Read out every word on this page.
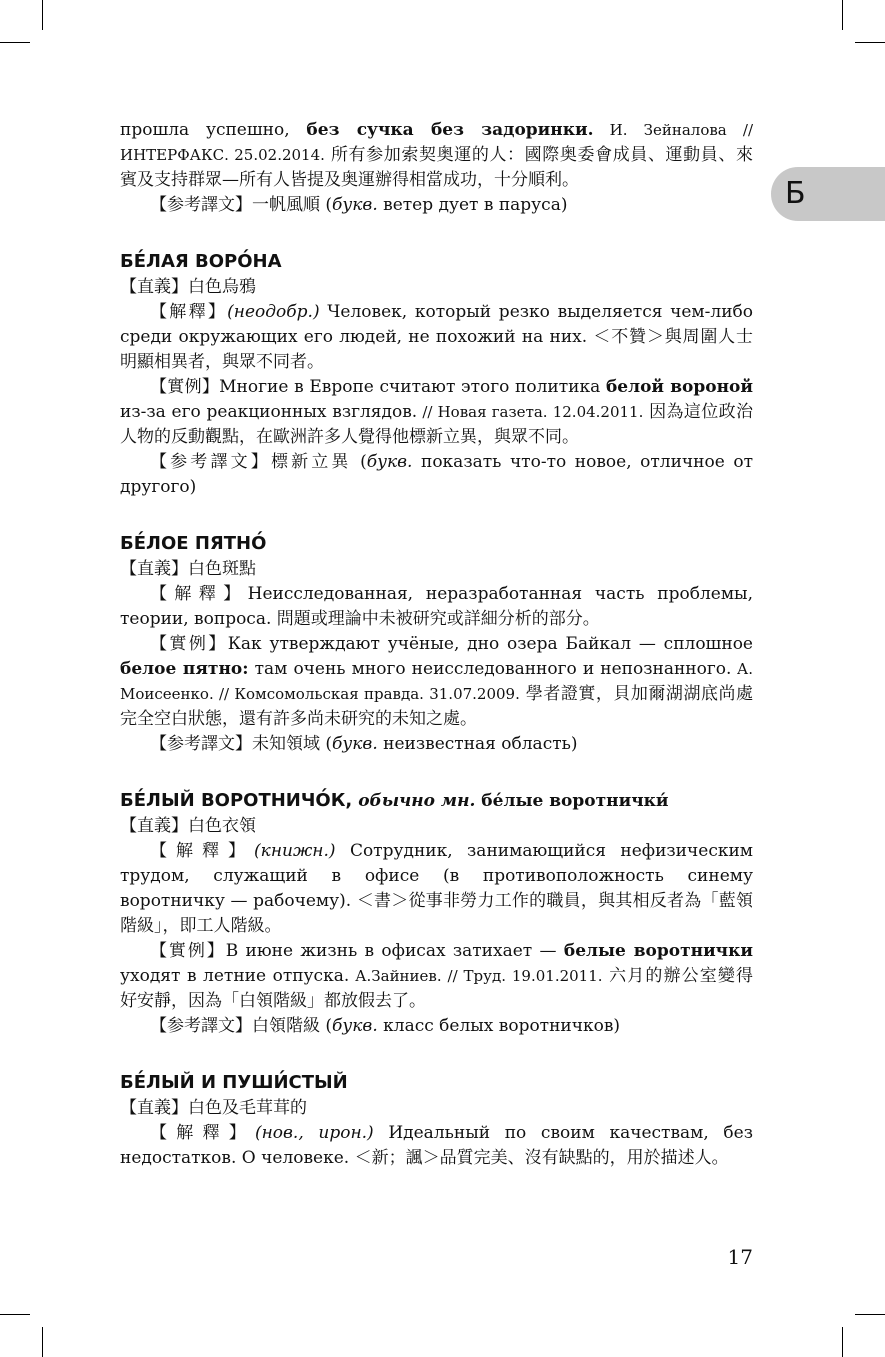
Б

прошла успешно, без сучка без задоринки. И. Зейналова // ИНТЕРФАКС. 25.02.2014. 所有参加索契奥運的人：國際奥委會成員、運動員、來賓及支持群眾—所有人皆提及奥運辦得相當成功，十分順利。

【参考譯文】一帆風順 (букв. ветер дует в паруса)

БЕ́ЛАЯ ВОРО́НА

【直義】白色烏鴉

【解釋】(неодобр.) Человек, который резко выделяется чем-либо среди окружающих его людей, не похожий на них. ＜不贊＞與周圍人士明顯相異者，與眾不同者。

【實例】Многие в Европе считают этого политика белой вороной из-за его реакционных взглядов. // Новая газета. 12.04.2011. 因為這位政治人物的反動觀點，在歐洲許多人覺得他標新立異，與眾不同。

【参考譯文】標新立異 (букв. показать что-то новое, отличное от другого)

БЕ́ЛОЕ ПЯТНО́

【直義】白色斑點

【解釋】Неисследованная, неразработанная часть проблемы, теории, вопроса. 問題或理論中未被研究或詳細分析的部分。

【實例】Как утверждают учёные, дно озера Байкал — сплошное белое пятно: там очень много неисследованного и непознанного. А. Моисеенко. // Комсомольская правда. 31.07.2009. 學者證實，貝加爾湖湖底尚處完全空白狀態，還有許多尚未研究的未知之處。

【参考譯文】未知領域 (букв. неизвестная область)

БЕ́ЛЫЙ ВОРОТНИЧО́К, обычно мн. бе́лые воротнички́

【直義】白色衣領

【解釋】(книжн.) Сотрудник, занимающийся нефизическим трудом, служащий в офисе (в противоположность синему воротничку — рабочему). ＜書＞從事非勞力工作的職員，與其相反者為「藍領階級」，即工人階級。

【實例】В июне жизнь в офисах затихает — белые воротнички уходят в летние отпуска. А.Зайниев. // Труд. 19.01.2011. 六月的辦公室變得好安靜，因為「白領階級」都放假去了。

【参考譯文】白領階級 (букв. класс белых воротничков)

БЕ́ЛЫЙ И ПУШИ́СТЫЙ

【直義】白色及毛茸茸的

【解釋】(нов., ирон.) Идеальный по своим качествам, без недостатков. О человеке. ＜新；諷＞品質完美、沒有缺點的，用於描述人。

17
